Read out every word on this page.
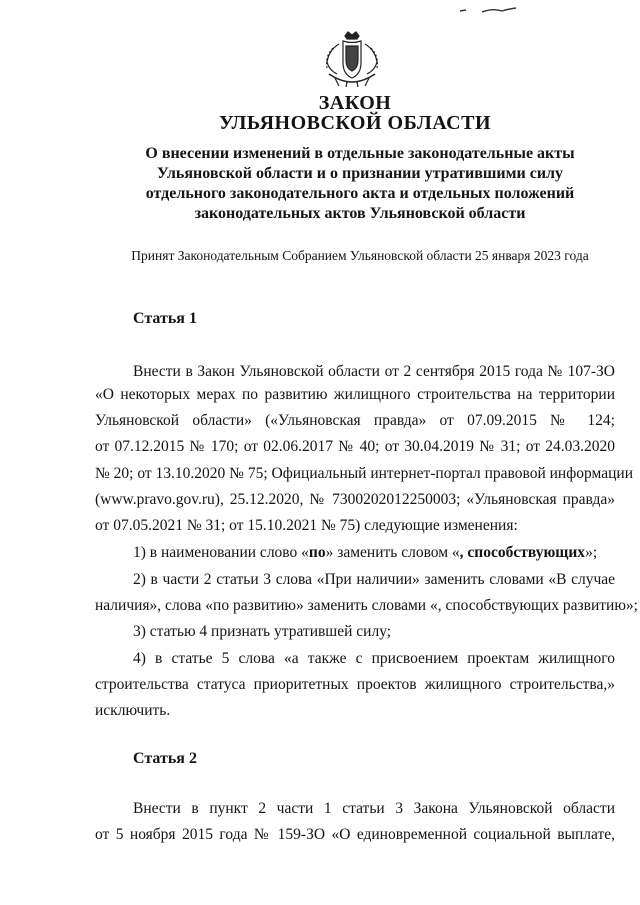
ЗАКОН
УЛЬЯНОВСКОЙ ОБЛАСТИ
О внесении изменений в отдельные законодательные акты
Ульяновской области и о признании утратившими силу
отдельного законодательного акта и отдельных положений
законодательных актов Ульяновской области
Принят Законодательным Собранием Ульяновской области 25 января 2023 года
Статья 1
Внести в Закон Ульяновской области от 2 сентября 2015 года № 107-ЗО
«О некоторых мерах по развитию жилищного строительства на территории
Ульяновской области» («Ульяновская правда» от 07.09.2015 № 124;
от 07.12.2015 № 170; от 02.06.2017 № 40; от 30.04.2019 № 31; от 24.03.2020
№ 20; от 13.10.2020 № 75; Официальный интернет-портал правовой информации
(www.pravo.gov.ru), 25.12.2020, № 7300202012250003; «Ульяновская правда»
от 07.05.2021 № 31; от 15.10.2021 № 75) следующие изменения:
1) в наименовании слово «по» заменить словом «, способствующих»;
2) в части 2 статьи 3 слова «При наличии» заменить словами «В случае
наличия», слова «по развитию» заменить словами «, способствующих развитию»;
3) статью 4 признать утратившей силу;
4) в статье 5 слова «а также с присвоением проектам жилищного
строительства статуса приоритетных проектов жилищного строительства,»
исключить.
Статья 2
Внести в пункт 2 части 1 статьи 3 Закона Ульяновской области
от 5 ноября 2015 года № 159-ЗО «О единовременной социальной выплате,
